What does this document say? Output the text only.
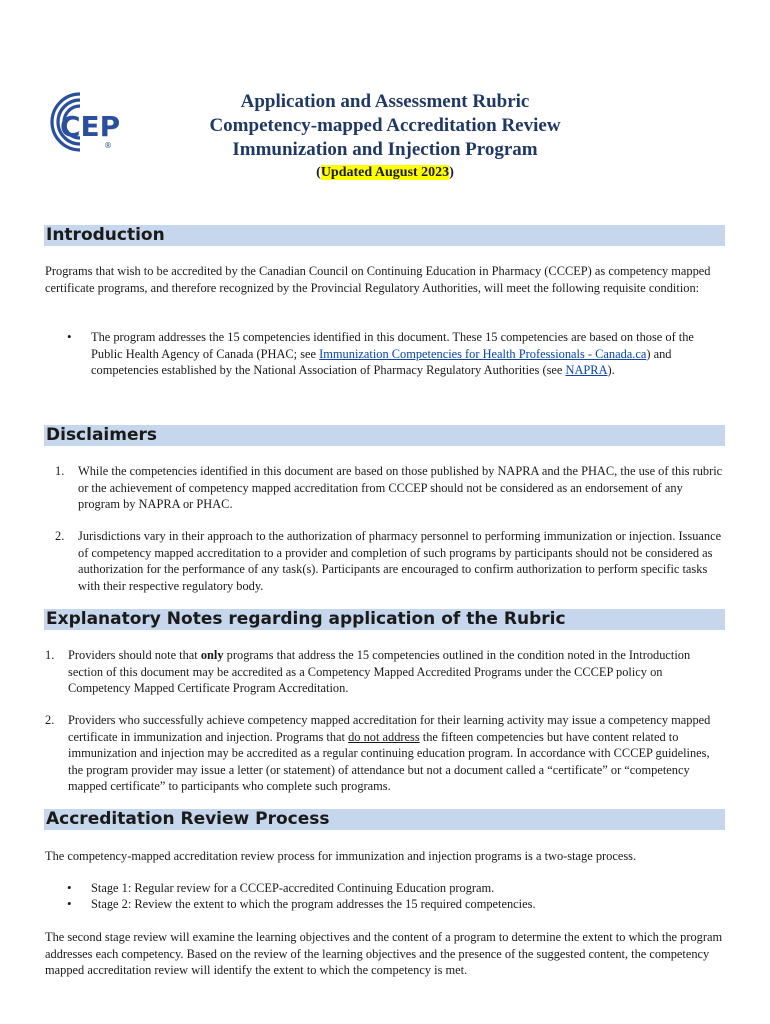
CEP
®
Application and Assessment Rubric
Competency-mapped Accreditation Review
Immunization and Injection Program
(Updated August 2023)
Introduction
Programs that wish to be accredited by the Canadian Council on Continuing Education in Pharmacy (CCCEP) as competency mapped certificate programs, and therefore recognized by the Provincial Regulatory Authorities, will meet the following requisite condition:
• The program addresses the 15 competencies identified in this document. These 15 competencies are based on those of the Public Health Agency of Canada (PHAC; see Immunization Competencies for Health Professionals - Canada.ca) and competencies established by the National Association of Pharmacy Regulatory Authorities (see NAPRA).
Disclaimers
1. While the competencies identified in this document are based on those published by NAPRA and the PHAC, the use of this rubric or the achievement of competency mapped accreditation from CCCEP should not be considered as an endorsement of any program by NAPRA or PHAC.
2. Jurisdictions vary in their approach to the authorization of pharmacy personnel to performing immunization or injection. Issuance of competency mapped accreditation to a provider and completion of such programs by participants should not be considered as authorization for the performance of any task(s). Participants are encouraged to confirm authorization to perform specific tasks with their respective regulatory body.
Explanatory Notes regarding application of the Rubric
1. Providers should note that only programs that address the 15 competencies outlined in the condition noted in the Introduction section of this document may be accredited as a Competency Mapped Accredited Programs under the CCCEP policy on Competency Mapped Certificate Program Accreditation.
2. Providers who successfully achieve competency mapped accreditation for their learning activity may issue a competency mapped certificate in immunization and injection. Programs that do not address the fifteen competencies but have content related to immunization and injection may be accredited as a regular continuing education program. In accordance with CCCEP guidelines, the program provider may issue a letter (or statement) of attendance but not a document called a “certificate” or “competency mapped certificate” to participants who complete such programs.
Accreditation Review Process
The competency-mapped accreditation review process for immunization and injection programs is a two-stage process.
• Stage 1: Regular review for a CCCEP-accredited Continuing Education program.
• Stage 2: Review the extent to which the program addresses the 15 required competencies.
The second stage review will examine the learning objectives and the content of a program to determine the extent to which the program addresses each competency. Based on the review of the learning objectives and the presence of the suggested content, the competency mapped accreditation review will identify the extent to which the competency is met.
